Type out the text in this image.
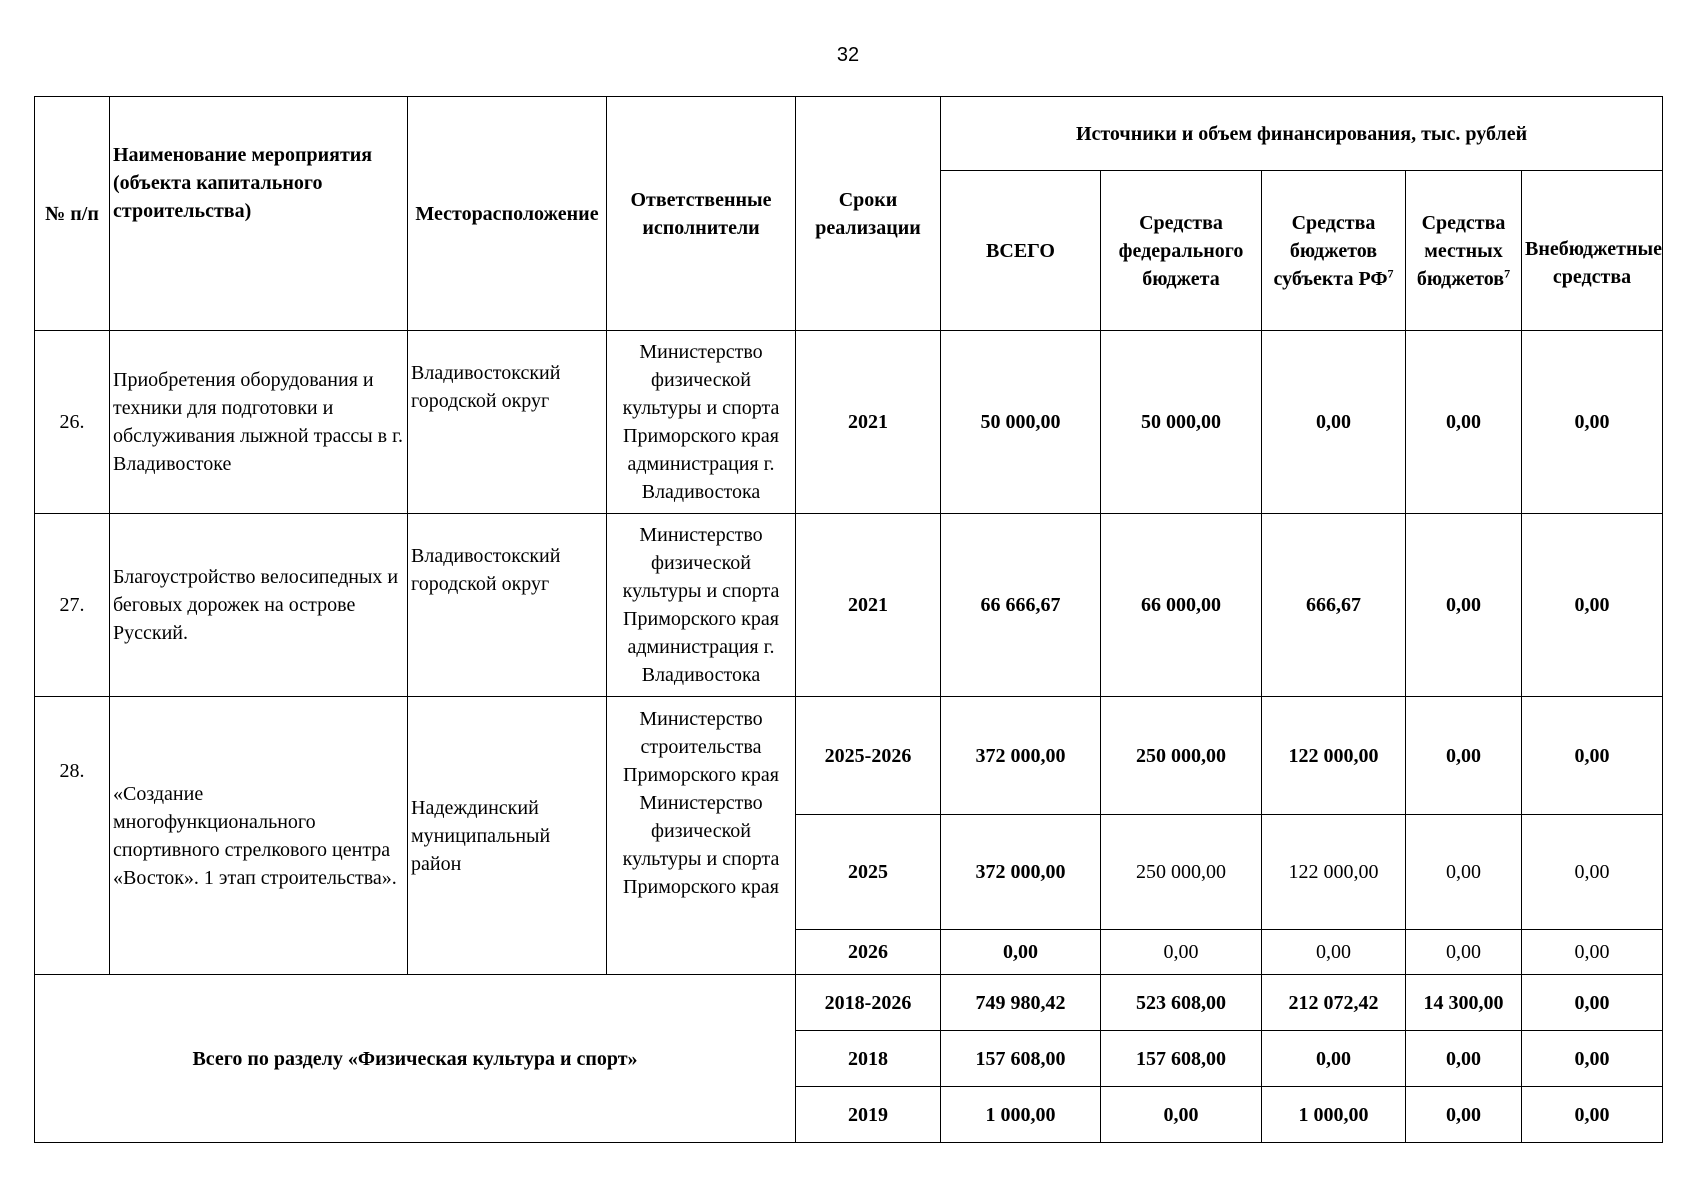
32
№ п/п	Наименование мероприятия (объекта капитального строительства)	Месторасположение	Ответственные исполнители	Сроки реализации	Источники и объем финансирования, тыс. рублей				
					ВСЕГО	Средства федерального бюджета	Средства бюджетов субъекта $РФ^7$	Средства местных бюджетов$^7$	Внебюджетные средства
26.	Приобретения оборудования и техники для подготовки и обслуживания лыжной трассы в г. Владивостоке	Владивостокский городской округ	Министерство физической культуры и спорта Приморского края администрация г. Владивостока	2021	50 000,00	50 000,00	0,00	0,00	0,00
27.	Благоустройство велосипедных и беговых дорожек на острове Русский.	Владивостокский городской округ	Министерство физической культуры и спорта Приморского края администрация г. Владивостока	2021	66 666,67	66 000,00	666,67	0,00	0,00
28.	«Создание многофункционального спортивного стрелкового центра «Восток». 1 этап строительства».	Надеждинский муниципальный район	Министерство строительства Приморского края Министерство физической культуры и спорта Приморского края	2025-2026	372 000,00	250 000,00	122 000,00	0,00	0,00
				2025	372 000,00	250 000,00	122 000,00	0,00	0,00
				2026	0,00	0,00	0,00	0,00	0,00
Всего по разделу «Физическая культура и спорт»				2018-2026	749 980,42	523 608,00	212 072,42	14 300,00	0,00
				2018	157 608,00	157 608,00	0,00	0,00	0,00
				2019	1 000,00	0,00	1 000,00	0,00	0,00
